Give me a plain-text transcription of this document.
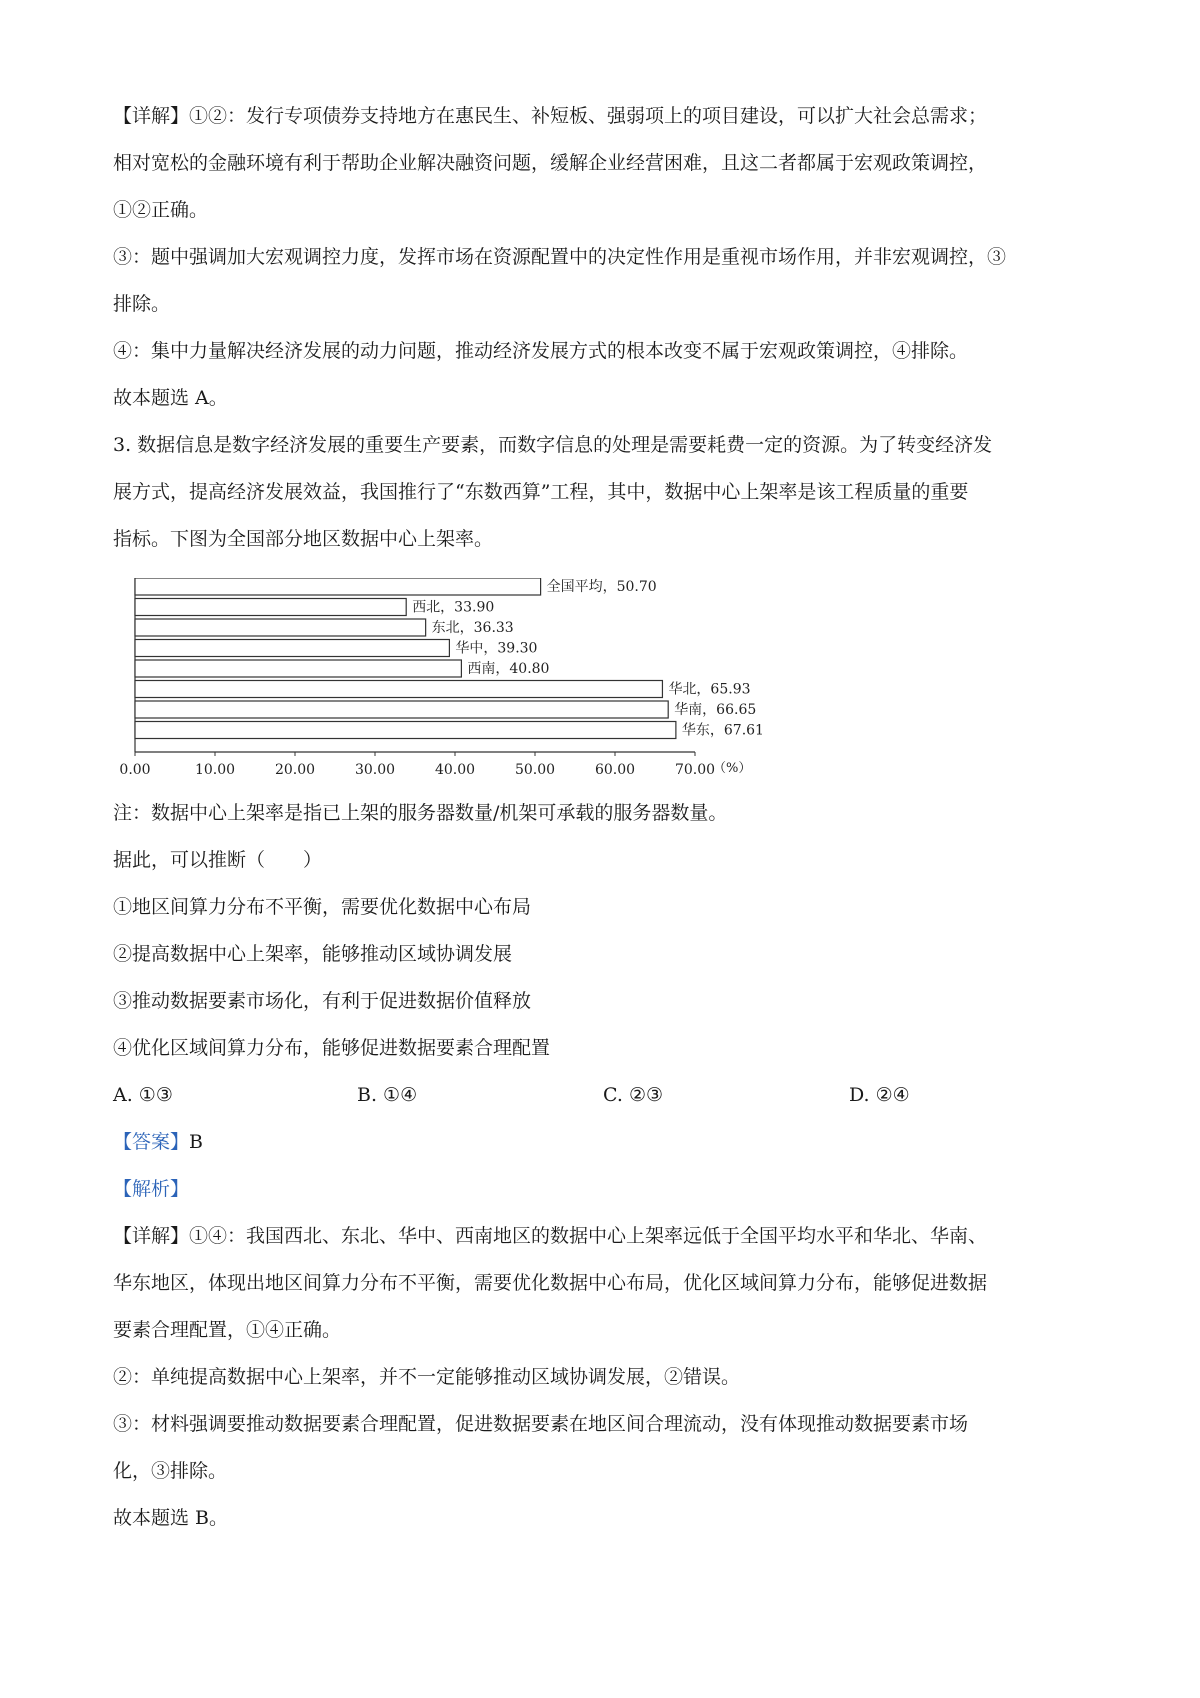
【详解】①②：发行专项债券支持地方在惠民生、补短板、强弱项上的项目建设，可以扩大社会总需求；
相对宽松的金融环境有利于帮助企业解决融资问题，缓解企业经营困难，且这二者都属于宏观政策调控，
①②正确。
③：题中强调加大宏观调控力度，发挥市场在资源配置中的决定性作用是重视市场作用，并非宏观调控，③
排除。
④：集中力量解决经济发展的动力问题，推动经济发展方式的根本改变不属于宏观政策调控，④排除。
故本题选 A。
3. 数据信息是数字经济发展的重要生产要素，而数字信息的处理是需要耗费一定的资源。为了转变经济发
展方式，提高经济发展效益，我国推行了“东数西算”工程，其中，数据中心上架率是该工程质量的重要
指标。下图为全国部分地区数据中心上架率。
全国平均，50.70
西北，33.90
东北，36.33
华中，39.30
西南，40.80
华北，65.93
华南，66.65
华东，67.61
0.00	10.00	20.00	30.00	40.00	50.00	60.00	70.00
（%）
注：数据中心上架率是指已上架的服务器数量/机架可承载的服务器数量。
据此，可以推断（　　）
①地区间算力分布不平衡，需要优化数据中心布局
②提高数据中心上架率，能够推动区域协调发展
③推动数据要素市场化，有利于促进数据价值释放
④优化区域间算力分布，能够促进数据要素合理配置
A. ①③	B. ①④	C. ②③	D. ②④
【答案】B
【解析】
【详解】①④：我国西北、东北、华中、西南地区的数据中心上架率远低于全国平均水平和华北、华南、
华东地区，体现出地区间算力分布不平衡，需要优化数据中心布局，优化区域间算力分布，能够促进数据
要素合理配置，①④正确。
②：单纯提高数据中心上架率，并不一定能够推动区域协调发展，②错误。
③：材料强调要推动数据要素合理配置，促进数据要素在地区间合理流动，没有体现推动数据要素市场
化，③排除。
故本题选 B。
